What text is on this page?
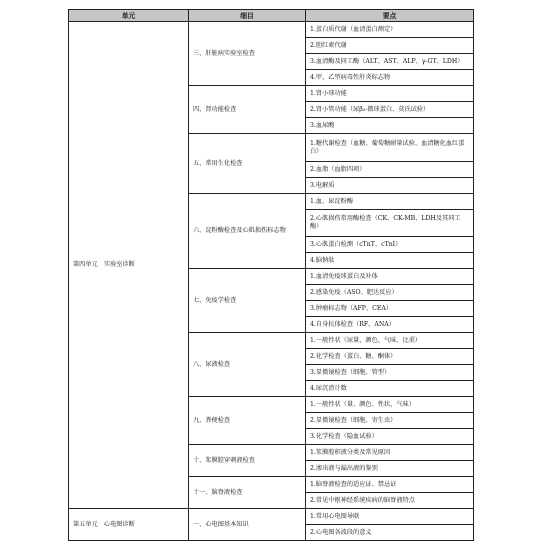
单元	细目	要点
第四单元　实验室诊断	三、肝脏病实验室检查	1.蛋白质代谢（血清蛋白测定）
		2.胆红素代谢
		3.血清酶及同工酶（ALT、AST、ALP、γ-GT、LDH）
		4.甲、乙型病毒性肝炎标志物
	四、肾功能检查	1.肾小球功能
		2.肾小管功能（尿β₂-微球蛋白、莫氏试验）
		3.血尿酸
	五、常用生化检查	1.糖代谢检查（血糖、葡萄糖耐量试验、血清糖化血红蛋白）
		2.血脂（血脂四项）
		3.电解质
	六、淀粉酶检查及心肌损伤标志物	1.血、尿淀粉酶
		2.心肌损伤常用酶检查（CK、CK-MB、LDH及其同工酶）
		3.心肌蛋白检测（cTnT、cTnI）
		4.脑钠肽
	七、免疫学检查	1.血清免疫球蛋白及补体
		2.感染免疫（ASO、肥达反应）
		3.肿瘤标志物（AFP、CEA）
		4.自身抗体检查（RF、ANA）
	八、尿液检查	1.一般性状（尿量、颜色、气味、比重）
		2.化学检查（蛋白、糖、酮体）
		3.显微镜检查（细胞、管型）
		4.尿沉渣计数
	九、粪便检查	1.一般性状（量、颜色、性状、气味）
		2.显微镜检查（细胞、寄生虫）
		3.化学检查（隐血试验）
	十、浆膜腔穿刺液检查	1.浆膜腔积液分类及常见原因
		2.渗出液与漏出液的鉴别
	十一、脑脊液检查	1.脑脊液检查的适应证、禁忌证
		2.常见中枢神经系统疾病的脑脊液特点
第五单元　心电图诊断	一、心电图基本知识	1.常用心电图导联
		2.心电图各波段的意义
